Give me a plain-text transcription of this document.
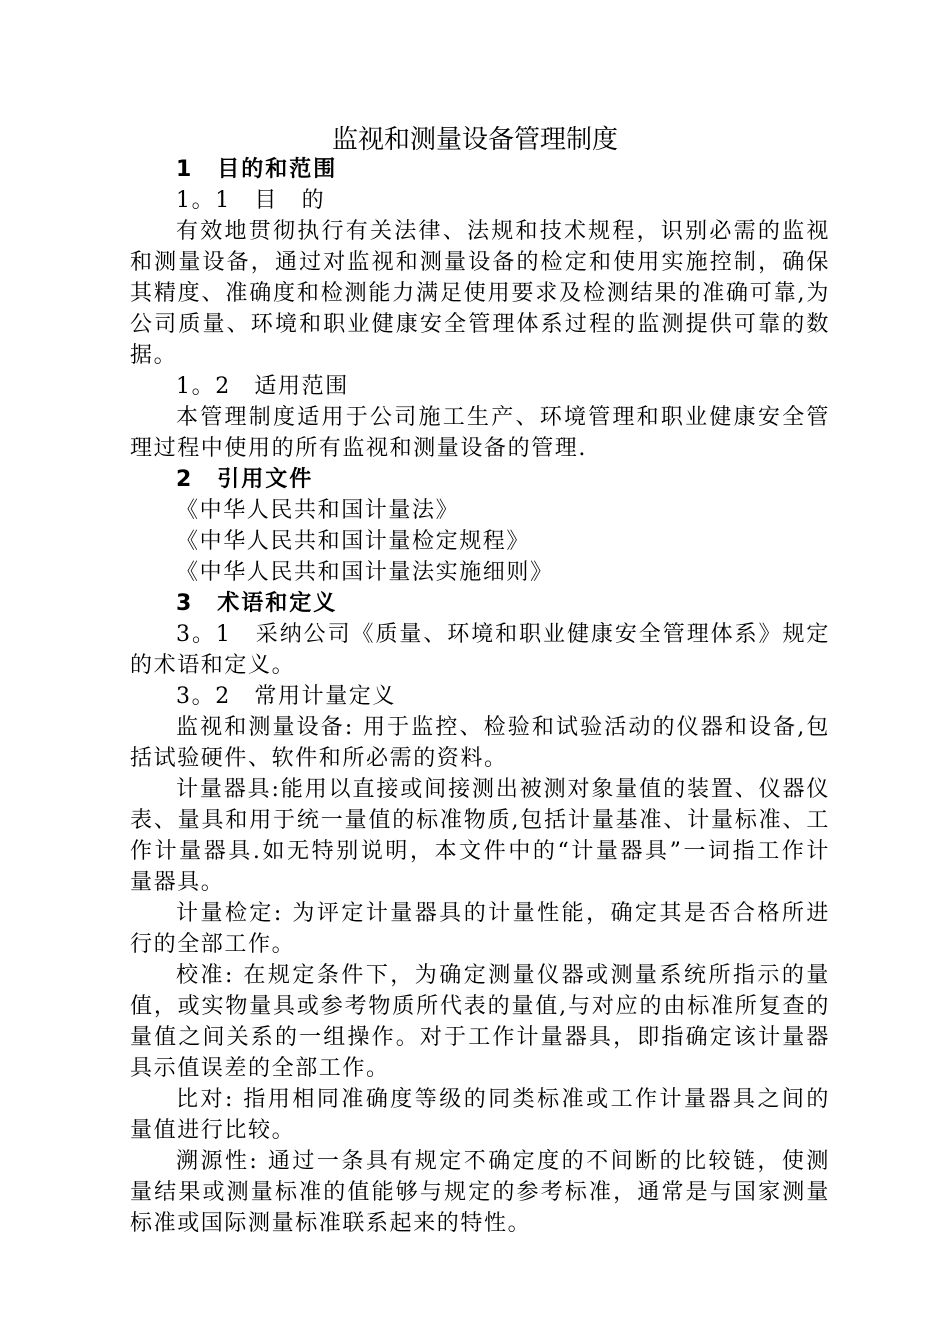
监视和测量设备管理制度

1　目的和范围

1。1　目　的

有效地贯彻执行有关法律、法规和技术规程，识别必需的监视

和测量设备，通过对监视和测量设备的检定和使用实施控制，确保

其精度、准确度和检测能力满足使用要求及检测结果的准确可靠,为

公司质量、环境和职业健康安全管理体系过程的监测提供可靠的数

据。

1。2　适用范围

本管理制度适用于公司施工生产、环境管理和职业健康安全管

理过程中使用的所有监视和测量设备的管理.

2　引用文件

《中华人民共和国计量法》

《中华人民共和国计量检定规程》

《中华人民共和国计量法实施细则》

3　术语和定义

3。1　采纳公司《质量、环境和职业健康安全管理体系》规定

的术语和定义。

3。2　常用计量定义

监视和测量设备: 用于监控、检验和试验活动的仪器和设备,包

括试验硬件、软件和所必需的资料。

计量器具:能用以直接或间接测出被测对象量值的装置、仪器仪

表、量具和用于统一量值的标准物质,包括计量基准、计量标准、工

作计量器具.如无特别说明，本文件中的“计量器具”一词指工作计

量器具。

计量检定: 为评定计量器具的计量性能，确定其是否合格所进

行的全部工作。

校准: 在规定条件下，为确定测量仪器或测量系统所指示的量

值，或实物量具或参考物质所代表的量值,与对应的由标准所复查的

量值之间关系的一组操作。对于工作计量器具，即指确定该计量器

具示值误差的全部工作。

比对: 指用相同准确度等级的同类标准或工作计量器具之间的

量值进行比较。

溯源性: 通过一条具有规定不确定度的不间断的比较链，使测

量结果或测量标准的值能够与规定的参考标准，通常是与国家测量

标准或国际测量标准联系起来的特性。
